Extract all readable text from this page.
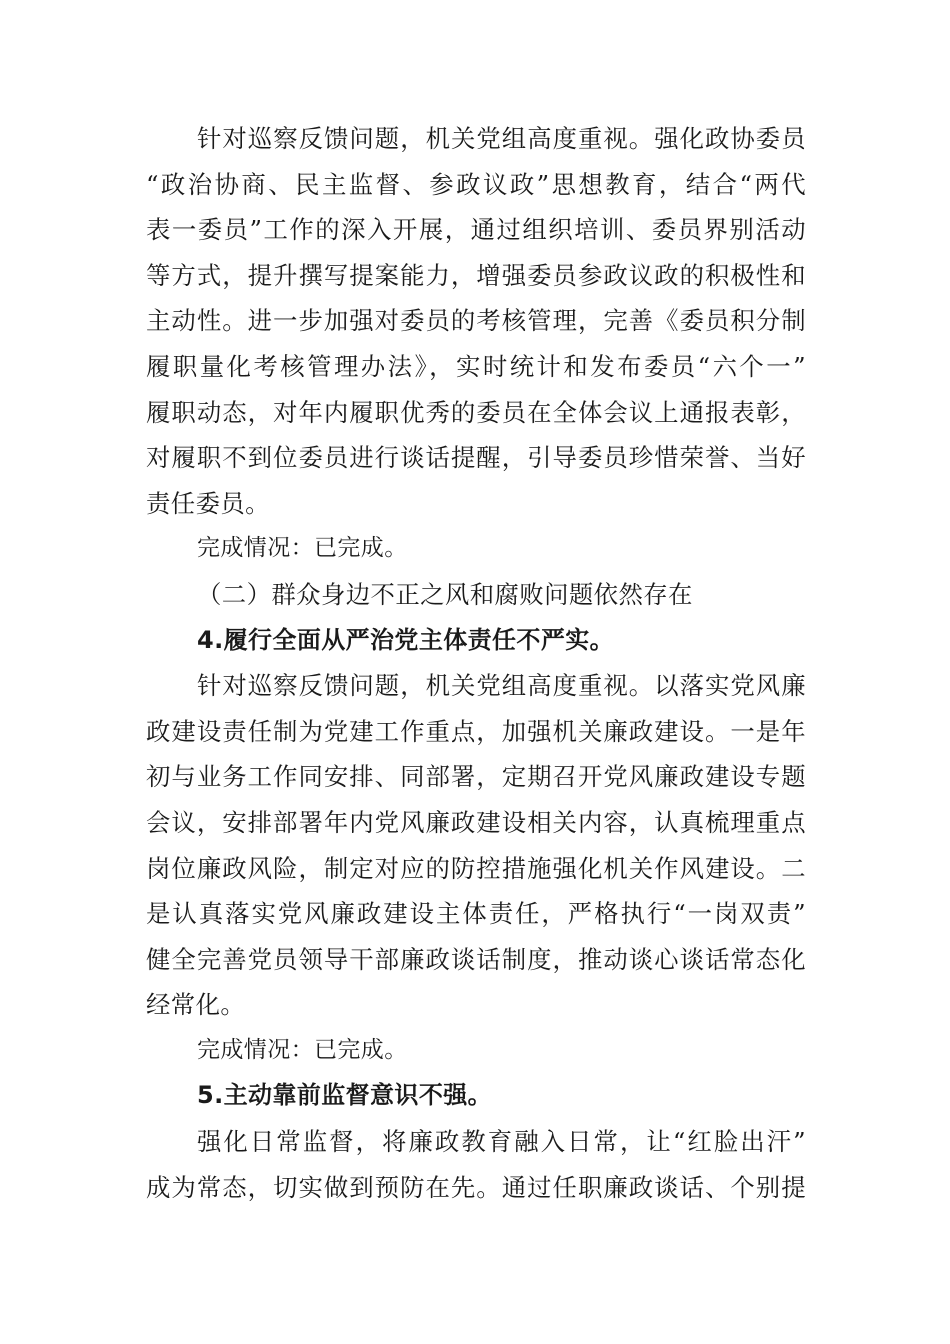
针对巡察反馈问题，机关党组高度重视。强化政协委员
“政治协商、民主监督、参政议政”思想教育，结合“两代
表一委员”工作的深入开展，通过组织培训、委员界别活动
等方式，提升撰写提案能力，增强委员参政议政的积极性和
主动性。进一步加强对委员的考核管理，完善《委员积分制
履职量化考核管理办法》，实时统计和发布委员“六个一”
履职动态，对年内履职优秀的委员在全体会议上通报表彰，
对履职不到位委员进行谈话提醒，引导委员珍惜荣誉、当好
责任委员。

完成情况：已完成。

（二）群众身边不正之风和腐败问题依然存在

4.履行全面从严治党主体责任不严实。

针对巡察反馈问题，机关党组高度重视。以落实党风廉
政建设责任制为党建工作重点，加强机关廉政建设。一是年
初与业务工作同安排、同部署，定期召开党风廉政建设专题
会议，安排部署年内党风廉政建设相关内容，认真梳理重点
岗位廉政风险，制定对应的防控措施强化机关作风建设。二
是认真落实党风廉政建设主体责任，严格执行“一岗双责”
健全完善党员领导干部廉政谈话制度，推动谈心谈话常态化
经常化。

完成情况：已完成。

5.主动靠前监督意识不强。

强化日常监督，将廉政教育融入日常，让“红脸出汗”
成为常态，切实做到预防在先。通过任职廉政谈话、个别提
